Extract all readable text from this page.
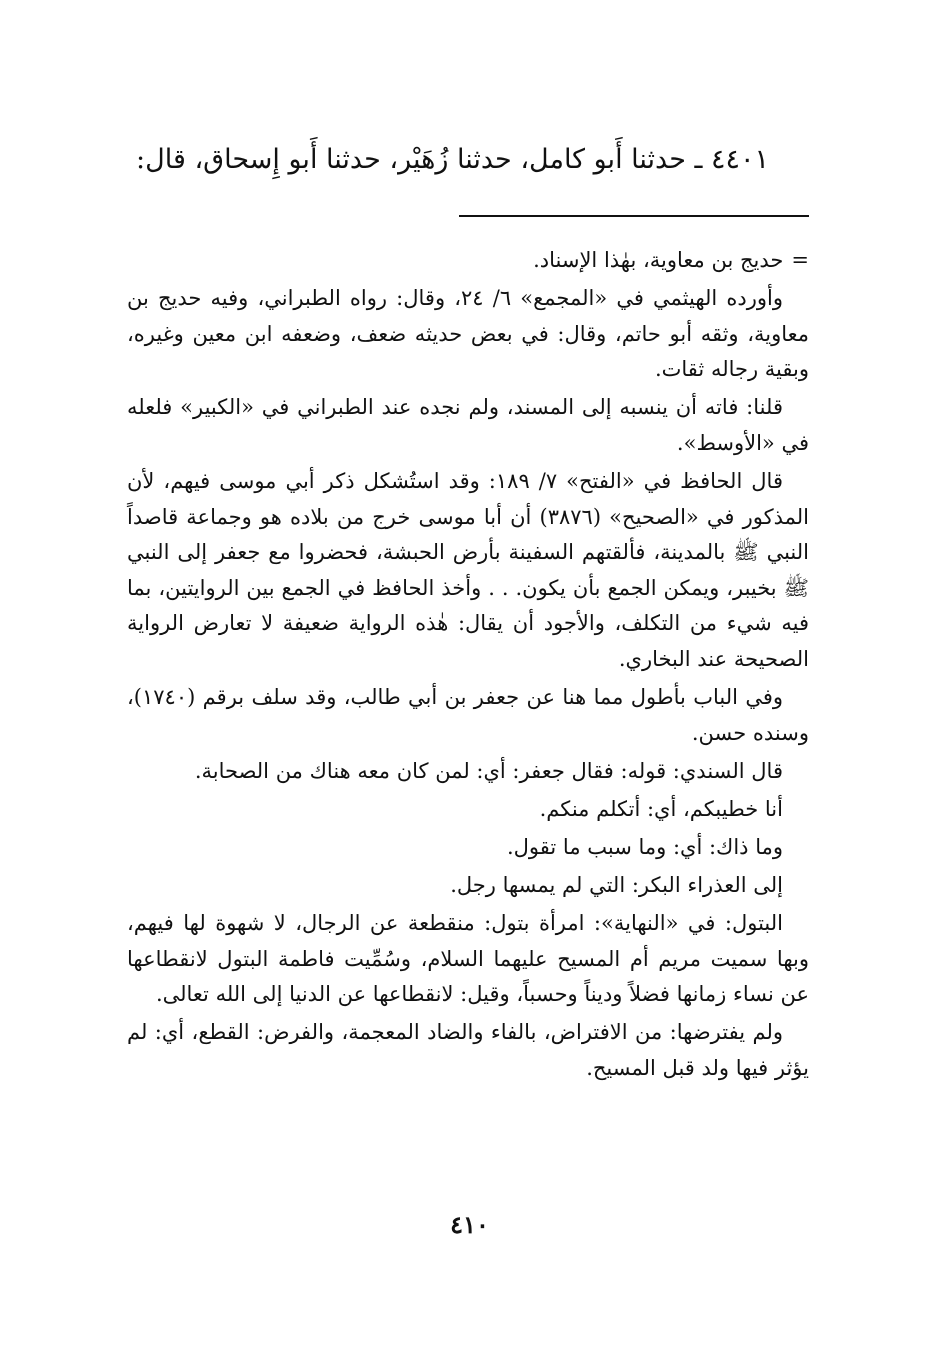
٤٤٠١ ـ حدثنا أَبو كامل، حدثنا زُهَيْر، حدثنا أَبو إِسحاق، قال:

=حديج بن معاوية، بهٰذا الإسناد.

وأورده الهيثمي في «المجمع» ٦/ ٢٤، وقال: رواه الطبراني، وفيه حديج بن معاوية، وثقه أبو حاتم، وقال: في بعض حديثه ضعف، وضعفه ابن معين وغيره، وبقية رجاله ثقات.

قلنا: فاته أن ينسبه إلى المسند، ولم نجده عند الطبراني في «الكبير» فلعله في «الأوسط».

قال الحافظ في «الفتح» ٧/ ١٨٩: وقد استُشكل ذكر أبي موسى فيهم، لأن المذكور في «الصحيح» (٣٨٧٦) أن أبا موسى خرج من بلاده هو وجماعة قاصداً النبي ﷺ بالمدينة، فألقتهم السفينة بأرض الحبشة، فحضروا مع جعفر إلى النبي ﷺ بخيبر، ويمكن الجمع بأن يكون. . . وأخذ الحافظ في الجمع بين الروايتين، بما فيه شيء من التكلف، والأجود أن يقال: هٰذه الرواية ضعيفة لا تعارض الرواية الصحيحة عند البخاري.

وفي الباب بأطول مما هنا عن جعفر بن أبي طالب، وقد سلف برقم (١٧٤٠)، وسنده حسن.

قال السندي: قوله: فقال جعفر: أي: لمن كان معه هناك من الصحابة.

أنا خطيبكم، أي: أتكلم منكم.

وما ذاك: أي: وما سبب ما تقول.

إلى العذراء البكر: التي لم يمسها رجل.

البتول: في «النهاية»: امرأة بتول: منقطعة عن الرجال، لا شهوة لها فيهم، وبها سميت مريم أم المسيح عليهما السلام، وسُمِّيت فاطمة البتول لانقطاعها عن نساء زمانها فضلاً وديناً وحسباً، وقيل: لانقطاعها عن الدنيا إلى الله تعالى.

ولم يفترضها: من الافتراض، بالفاء والضاد المعجمة، والفرض: القطع، أي: لم يؤثر فيها ولد قبل المسيح.

٤١٠
